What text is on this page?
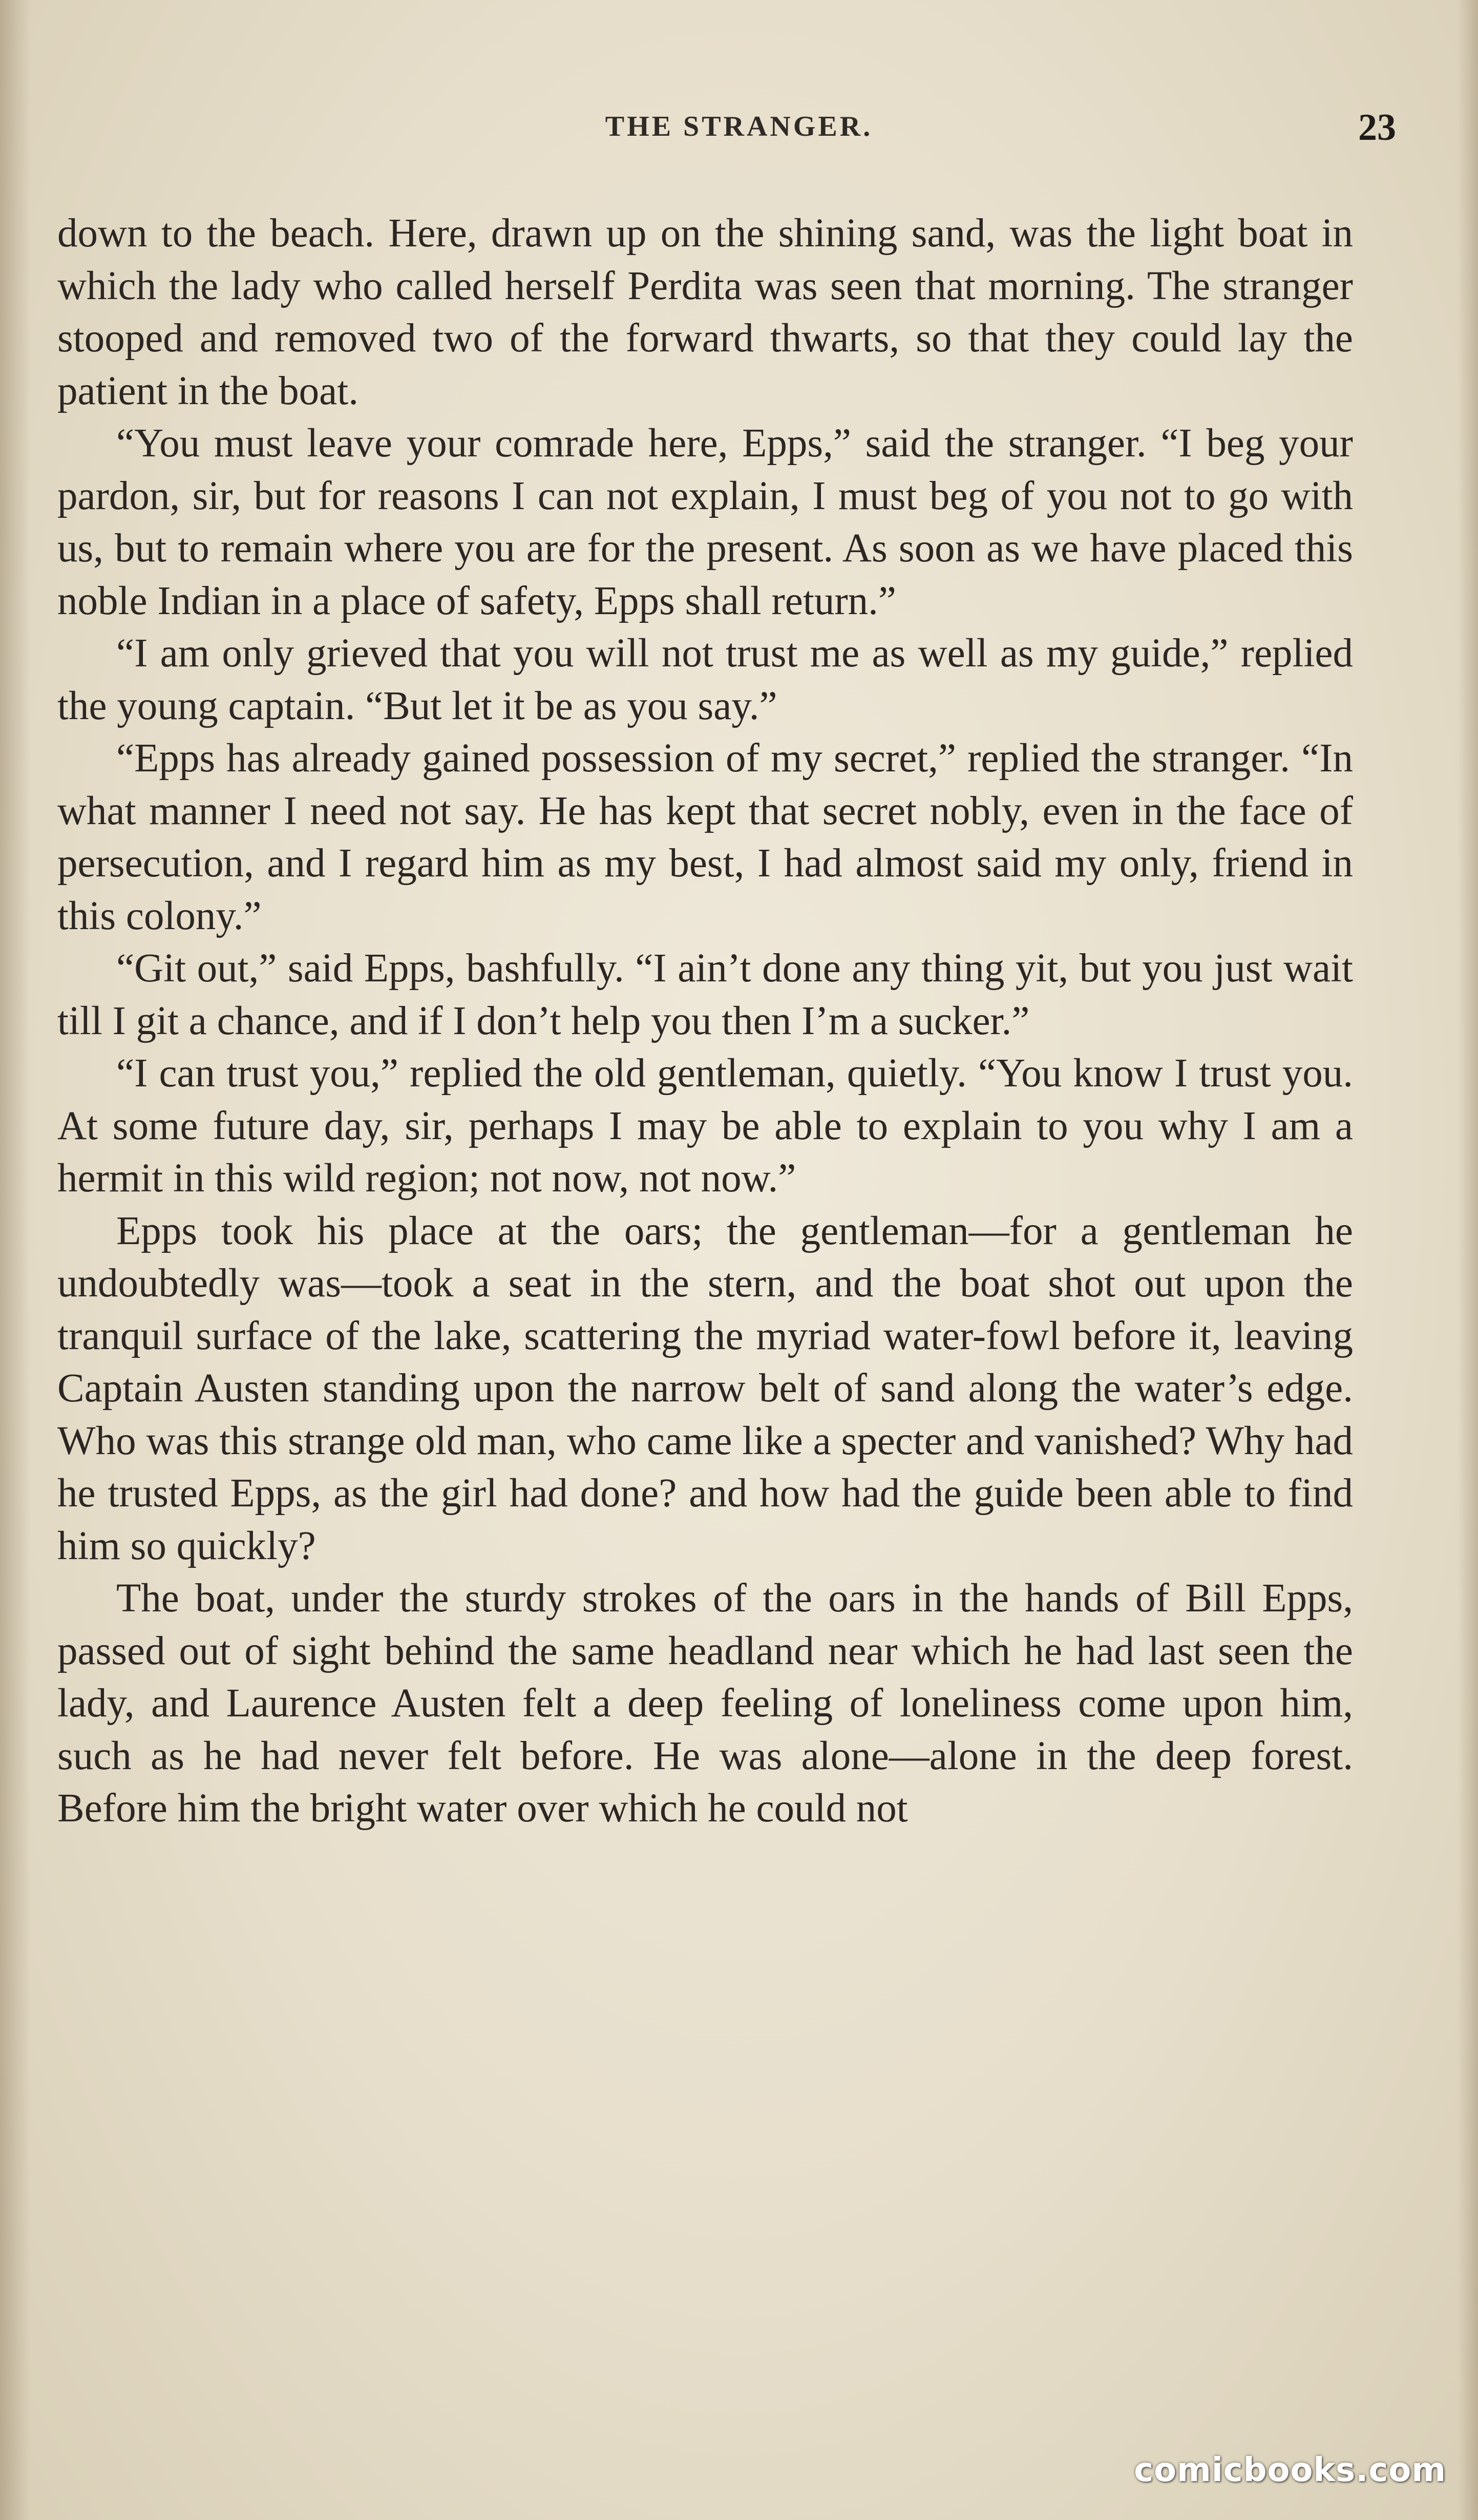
THE STRANGER.	23

down to the beach. Here, drawn up on the shining sand, was the light boat in which the lady who called herself Perdita was seen that morning. The stranger stooped and removed two of the forward thwarts, so that they could lay the patient in the boat.

“You must leave your comrade here, Epps,” said the stranger. “I beg your pardon, sir, but for reasons I can not explain, I must beg of you not to go with us, but to remain where you are for the present. As soon as we have placed this noble Indian in a place of safety, Epps shall return.”

“I am only grieved that you will not trust me as well as my guide,” replied the young captain. “But let it be as you say.”

“Epps has already gained possession of my secret,” replied the stranger. “In what manner I need not say. He has kept that secret nobly, even in the face of persecution, and I regard him as my best, I had almost said my only, friend in this colony.”

“Git out,” said Epps, bashfully. “I ain’t done any thing yit, but you just wait till I git a chance, and if I don’t help you then I’m a sucker.”

“I can trust you,” replied the old gentleman, quietly. “You know I trust you. At some future day, sir, perhaps I may be able to explain to you why I am a hermit in this wild region; not now, not now.”

Epps took his place at the oars; the gentleman—for a gentleman he undoubtedly was—took a seat in the stern, and the boat shot out upon the tranquil surface of the lake, scattering the myriad water-fowl before it, leaving Captain Austen standing upon the narrow belt of sand along the water’s edge. Who was this strange old man, who came like a specter and vanished? Why had he trusted Epps, as the girl had done? and how had the guide been able to find him so quickly?

The boat, under the sturdy strokes of the oars in the hands of Bill Epps, passed out of sight behind the same headland near which he had last seen the lady, and Laurence Austen felt a deep feeling of loneliness come upon him, such as he had never felt before. He was alone—alone in the deep forest. Before him the bright water over which he could not

comicbooks.com
